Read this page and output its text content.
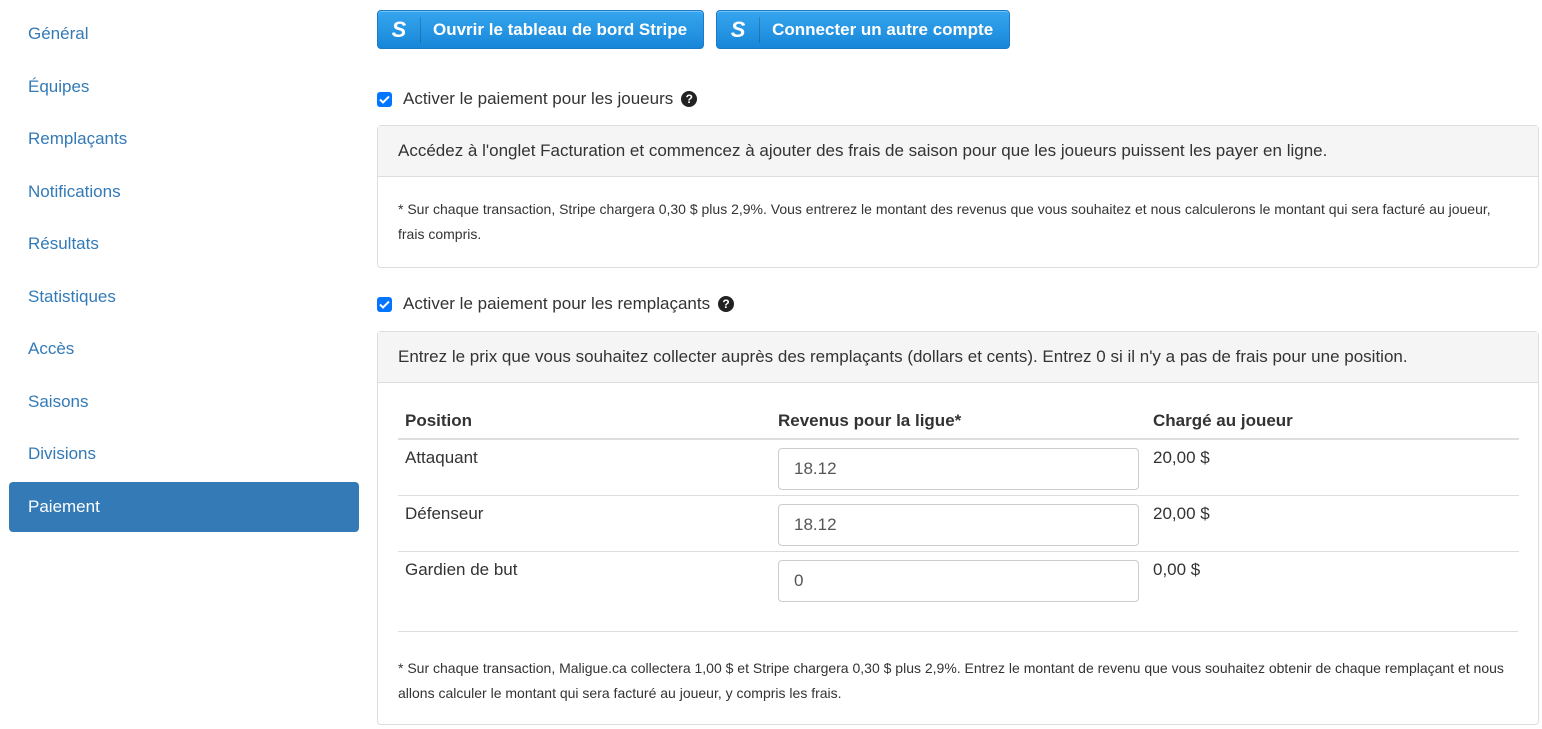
Général
Équipes
Remplaçants
Notifications
Résultats
Statistiques
Accès
Saisons
Divisions
Paiement
S	Ouvrir le tableau de bord Stripe S	Connecter un autre compte
Activer le paiement pour les joueurs	?
Accédez à l'onglet Facturation et commencez à ajouter des frais de saison pour que les joueurs puissent les payer en ligne.
* Sur chaque transaction, Stripe chargera 0,30 $ plus 2,9%. Vous entrerez le montant des revenus que vous souhaitez et nous calculerons le montant qui sera facturé au joueur, frais compris.
Activer le paiement pour les remplaçants	?
Entrez le prix que vous souhaitez collecter auprès des remplaçants (dollars et cents). Entrez 0 si il n'y a pas de frais pour une position.
Position	Revenus pour la ligue*	Chargé au joueur
Attaquant	18.12	20,00 $
Défenseur	18.12	20,00 $
Gardien de but	0	0,00 $
* Sur chaque transaction, Maligue.ca collectera 1,00 $ et Stripe chargera 0,30 $ plus 2,9%. Entrez le montant de revenu que vous souhaitez obtenir de chaque remplaçant et nous allons calculer le montant qui sera facturé au joueur, y compris les frais.
